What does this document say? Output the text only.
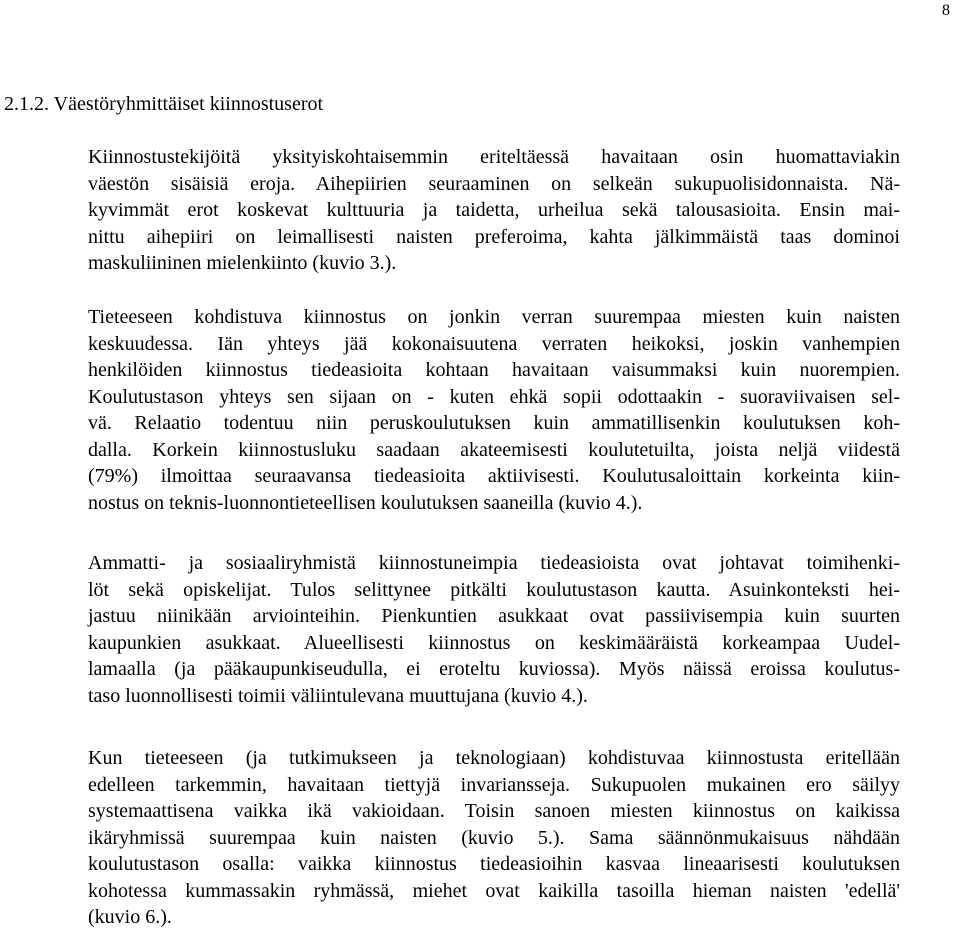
8
2.1.2. Väestöryhmittäiset kiinnostuserot

Kiinnostustekijöitä yksityiskohtaisemmin eriteltäessä havaitaan osin huomattaviakin
väestön sisäisiä eroja. Aihepiirien seuraaminen on selkeän sukupuolisidonnaista. Nä-
kyvimmät erot koskevat kulttuuria ja taidetta, urheilua sekä talousasioita. Ensin mai-
nittu aihepiiri on leimallisesti naisten preferoima, kahta jälkimmäistä taas dominoi
maskuliininen mielenkiinto (kuvio 3.).

Tieteeseen kohdistuva kiinnostus on jonkin verran suurempaa miesten kuin naisten
keskuudessa. Iän yhteys jää kokonaisuutena verraten heikoksi, joskin vanhempien
henkilöiden kiinnostus tiedeasioita kohtaan havaitaan vaisummaksi kuin nuorempien.
Koulutustason yhteys sen sijaan on - kuten ehkä sopii odottaakin - suoraviivaisen sel-
vä. Relaatio todentuu niin peruskoulutuksen kuin ammatillisenkin koulutuksen koh-
dalla. Korkein kiinnostusluku saadaan akateemisesti koulutetuilta, joista neljä viidestä
(79%) ilmoittaa seuraavansa tiedeasioita aktiivisesti. Koulutusaloittain korkeinta kiin-
nostus on teknis-luonnontieteellisen koulutuksen saaneilla (kuvio 4.).

Ammatti- ja sosiaaliryhmistä kiinnostuneimpia tiedeasioista ovat johtavat toimihenki-
löt sekä opiskelijat. Tulos selittynee pitkälti koulutustason kautta. Asuinkonteksti hei-
jastuu niinikään arviointeihin. Pienkuntien asukkaat ovat passiivisempia kuin suurten
kaupunkien asukkaat. Alueellisesti kiinnostus on keskimääräistä korkeampaa Uudel-
lamaalla (ja pääkaupunkiseudulla, ei eroteltu kuviossa). Myös näissä eroissa koulutus-
taso luonnollisesti toimii väliintulevana muuttujana (kuvio 4.).

Kun tieteeseen (ja tutkimukseen ja teknologiaan) kohdistuvaa kiinnostusta eritellään
edelleen tarkemmin, havaitaan tiettyjä invariansseja. Sukupuolen mukainen ero säilyy
systemaattisena vaikka ikä vakioidaan. Toisin sanoen miesten kiinnostus on kaikissa
ikäryhmissä suurempaa kuin naisten (kuvio 5.). Sama säännönmukaisuus nähdään
koulutustason osalla: vaikka kiinnostus tiedeasioihin kasvaa lineaarisesti koulutuksen
kohotessa kummassakin ryhmässä, miehet ovat kaikilla tasoilla hieman naisten 'edellä'
(kuvio 6.).
